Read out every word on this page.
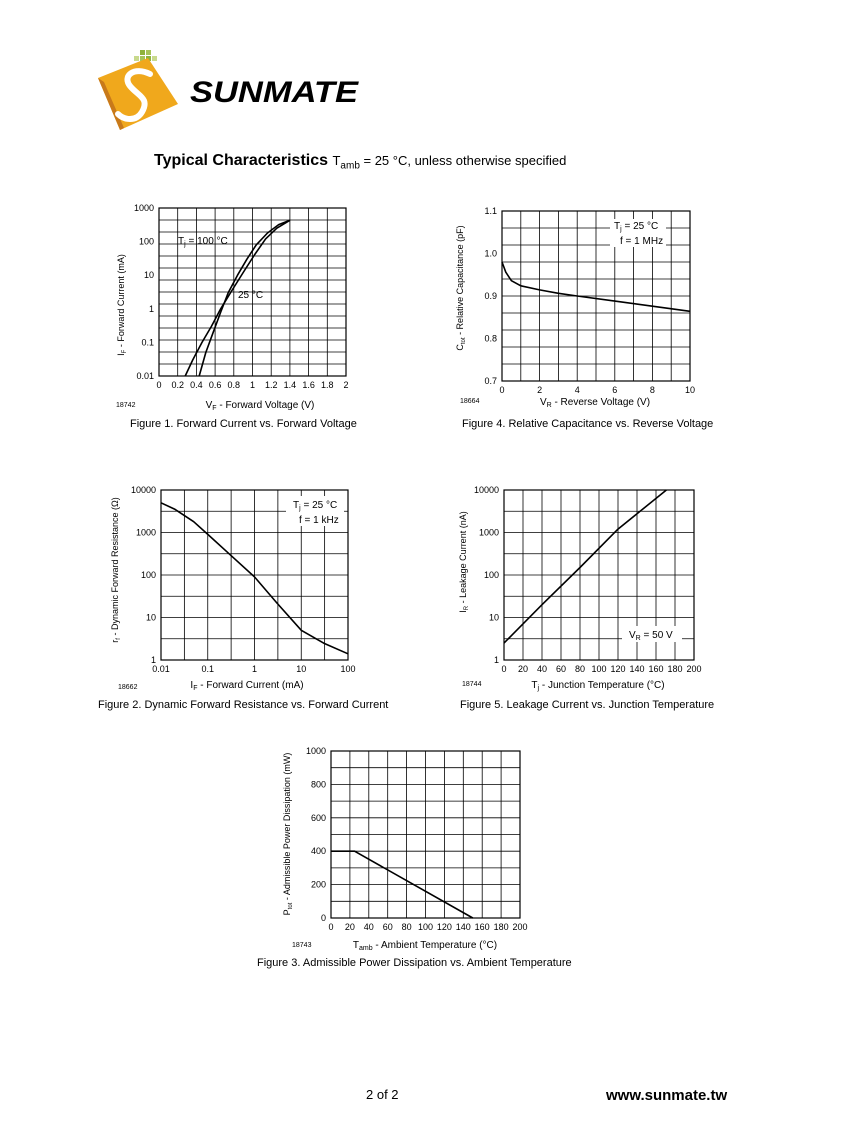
SUNMATE
Typical Characteristics $T_{amb} = 25$ °C, unless otherwise specified
0 0.2 0.4 0.6 0.8 1 1.2 1.4 1.6 1.8 2
0.01
0.1
1
10
100
1000
$T_j = 100$ °C
25 °C
$V_F$ - Forward Voltage (V)
$I_F$ - Forward Current (mA)
18742
Figure 1. Forward Current vs. Forward Voltage
0	2	4	6	8	10
0.7
0.8
0.9
1.0
1.1
$T_j = 25$ °C
f = 1 MHz
$V_R$ - Reverse Voltage (V)
$C_{tot}$ - Relative Capacitance (pF)
18664
Figure 4. Relative Capacitance vs. Reverse Voltage
0.01	0.1	1	10	100
1
10
100
1000
10000
$T_j = 25$ °C
f = 1 kHz
$I_F$ - Forward Current (mA)
$r_f$ - Dynamic Forward Resistance (Ω)
18662
Figure 2. Dynamic Forward Resistance vs. Forward Current
0 20 40 60 80 100 120 140 160 180 200
1
10
100
1000
10000
$V_R = 50$ V
$T_j$ - Junction Temperature (°C)
$I_R$ - Leakage Current (nA)
18744
Figure 5. Leakage Current vs. Junction Temperature
0 20 40 60 80 100 120 140 160 180 200
0
200
400
600
800
1000
$T_{amb}$ - Ambient Temperature (°C)
$P_{tot}$ - Admissible Power Dissipation (mW)
18743
Figure 3. Admissible Power Dissipation vs. Ambient Temperature
2 of 2	www.sunmate.tw
